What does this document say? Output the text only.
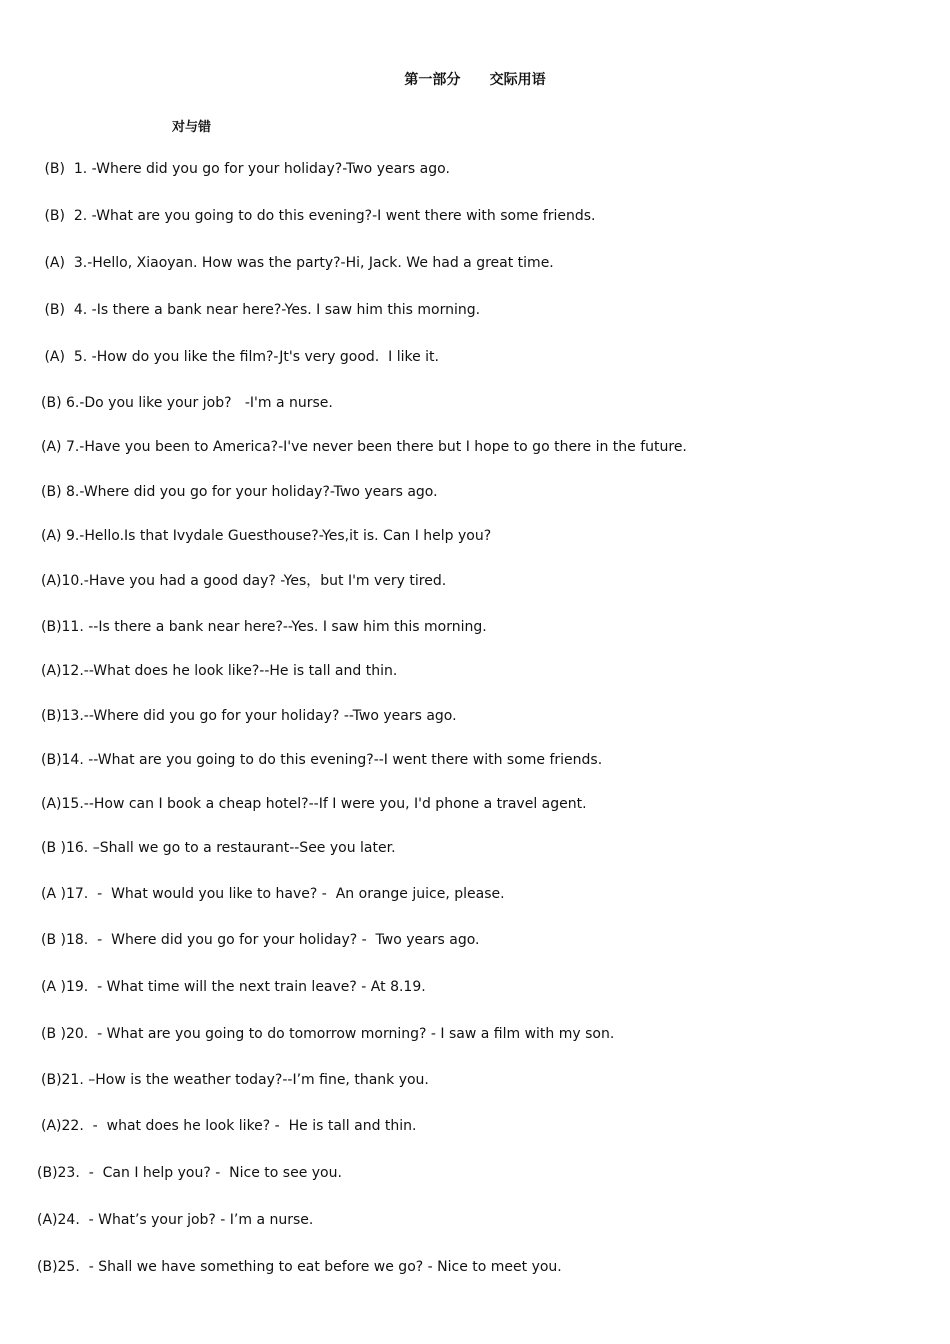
第一部分      交际用语
对与错
(B)  1. -Where did you go for your holiday?-Two years ago.
(B)  2. -What are you going to do this evening?-I went there with some friends.
(A)  3.-Hello, Xiaoyan. How was the party?-Hi, Jack. We had a great time.
(B)  4. -Is there a bank near here?-Yes. I saw him this morning.
(A)  5. -How do you like the film?-Jt's very good.  I like it.
(B) 6.-Do you like your job?   -I'm a nurse.
(A) 7.-Have you been to America?-I've never been there but I hope to go there in the future.
(B) 8.-Where did you go for your holiday?-Two years ago.
(A) 9.-Hello.Is that Ivydale Guesthouse?-Yes,it is. Can I help you?
(A)10.-Have you had a good day? -Yes，but I'm very tired.
(B)11. --Is there a bank near here?--Yes. I saw him this morning.
(A)12.--What does he look like?--He is tall and thin.
(B)13.--Where did you go for your holiday? --Two years ago.
(B)14. --What are you going to do this evening?--I went there with some friends.
(A)15.--How can I book a cheap hotel?--If I were you, I'd phone a travel agent.
(B )16. –Shall we go to a restaurant--See you later.
(A )17.  -  What would you like to have? -  An orange juice, please.
(B )18.  -  Where did you go for your holiday? -  Two years ago.
(A )19.  - What time will the next train leave? - At 8.19.
(B )20.  - What are you going to do tomorrow morning? - I saw a film with my son.
(B)21. –How is the weather today?--I’m fine, thank you.
(A)22.  -  what does he look like? -  He is tall and thin.
(B)23.  -  Can I help you? -  Nice to see you.
(A)24.  - What’s your job? - I’m a nurse.
(B)25.  - Shall we have something to eat before we go? - Nice to meet you.
